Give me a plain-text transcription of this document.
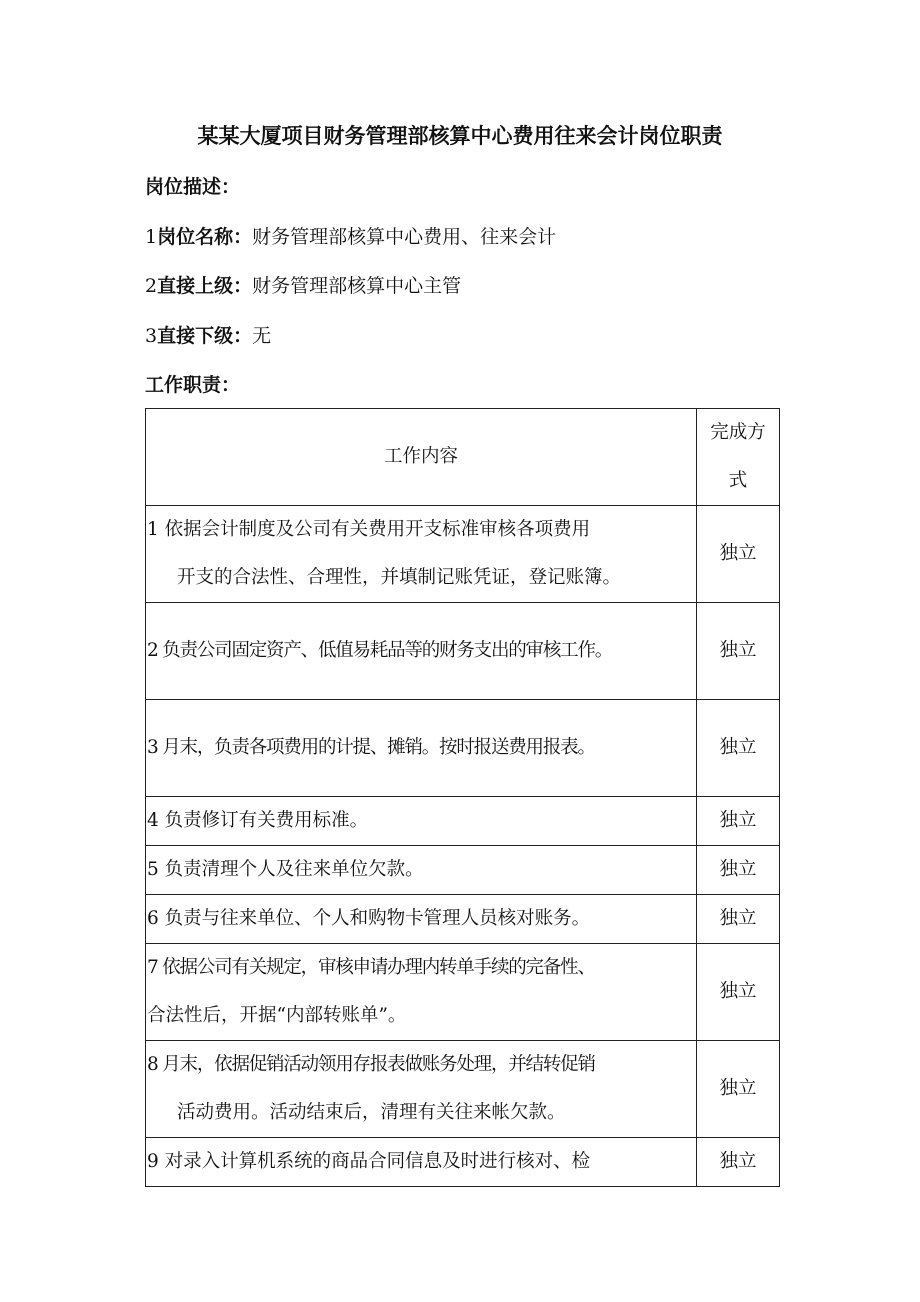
某某大厦项目财务管理部核算中心费用往来会计岗位职责
岗位描述：
1岗位名称：财务管理部核算中心费用、往来会计
2直接上级：财务管理部核算中心主管
3直接下级：无
工作职责：
工作内容	完成方
式

1 依据会计制度及公司有关费用开支标准审核各项费用
开支的合法性、合理性，并填制记账凭证，登记账簿。	独立

2 负责公司固定资产、低值易耗品等的财务支出的审核工作。	独立

3 月末，负责各项费用的计提、摊销。按时报送费用报表。	独立

4 负责修订有关费用标准。	独立

5 负责清理个人及往来单位欠款。	独立

6 负责与往来单位、个人和购物卡管理人员核对账务。	独立

7 依据公司有关规定，审核申请办理内转单手续的完备性、
合法性后，开据“内部转账单”。	独立

8 月末，依据促销活动领用存报表做账务处理，并结转促销
活动费用。活动结束后，清理有关往来帐欠款。	独立

9 对录入计算机系统的商品合同信息及时进行核对、检	独立
